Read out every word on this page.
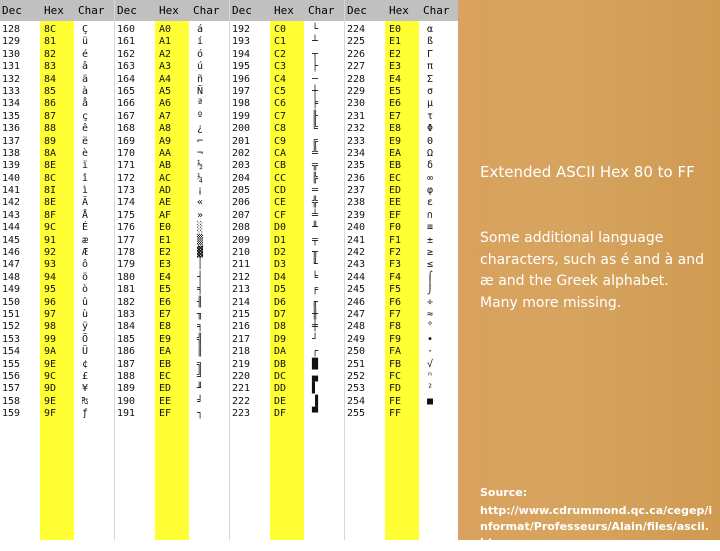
Dec Hex Char
128 8C	Ç
129 81	ü
130 82	é
131 83	â
132 84	ä
133 85	à
134 86	å
135 87	ç
136 88	ê
137 89	ë
138 8A	è
139 8E	ï
140 8C	î
141 8I	ì
142 8E	Ä
143 8F	Å
144 9C	É
145 91	æ
146 92	Æ
147 93	ô
148 94	ö
149 95	ò
150 96	û
151 97	ù
152 98	ÿ
153 99	Ö
154 9A	Ü
155 9E	¢
156 9C	£
157 9D	¥
158 9E	₧
159 9F	ƒ
Dec Hex Char
160 A0	á
161 A1	í
162 A2	ó
163 A3	ú
164 A4	ñ
165 A5	Ñ
166 A6	ª
167 A7	º
168 A8	¿
169 A9	⌐
170 AA	¬
171 AB	½
172 AC	¼
173 AD	¡
174 AE	«
175 AF	»
176 E0	░
177 E1	▒
178 E2	▓
179 E3	│
180 E4	┤
181 E5	╡
182 E6	╢
183 E7	╖
184 E8	╕
185 E9	╣
186 EA	║
187 EB	╗
188 EC	╝
189 ED	╜
190 EE	╛
191 EF	┐
Dec Hex Char
192 C0	└
193 C1	┴
194 C2	┬
195 C3	├
196 C4	─
197 C5	┼
198 C6	╞
199 C7	╟
200 C8	╚
201 C9	╔
202 CA	╩
203 CB	╦
204 CC	╠
205 CD	═
206 CE	╬
207 CF	╧
208 D0	╨
209 D1	╤
210 D2	╥
211 D3	╙
212 D4	╘
213 D5	╒
214 D6	╓
215 D7	╫
216 D8	╪
217 D9	┘
218 DA	┌
219 DB	█
220 DC	▄
221 DD	▌
222 DE	▐
223 DF	▀
Dec Hex Char
224 E0	α
225 E1	ß
226 E2	Γ
227 E3	π
228 E4	Σ
229 E5	σ
230 E6	µ
231 E7	τ
232 E8	Φ
233 E9	Θ
234 EA	Ω
235 EB	δ
236 EC	∞
237 ED	φ
238 EE	ε
239 EF	∩
240 F0	≡
241 F1	±
242 F2	≥
243 F3	≤
244 F4	⌠
245 F5	⌡
246 F6	÷
247 F7	≈
248 F8	°
249 F9	∙
250 FA	·
251 FB	√
252 FC	ⁿ
253 FD	²
254 FE	■
255 FF
Extended ASCII Hex 80 to FF
Some additional language characters, such as é and à and æ and the Greek alphabet. Many more missing.
Source:
http://www.cdrummond.qc.ca/cegep/informat/Professeurs/Alain/files/ascii.htm
